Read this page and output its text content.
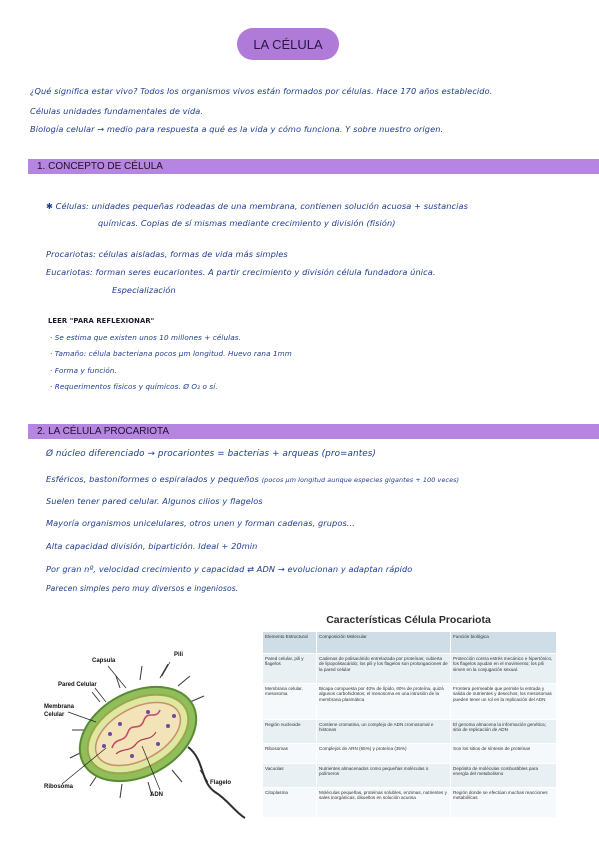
LA CÉLULA
¿Qué significa estar vivo? Todos los organismos vivos están formados por células. Hace 170 años establecido.
Células unidades fundamentales de vida.
Biología celular → medio para respuesta a qué es la vida y cómo funciona. Y sobre nuestro origen.
1. CONCEPTO DE CÉLULA
✱ Células: unidades pequeñas rodeadas de una membrana, contienen solución acuosa + sustancias
químicas. Copias de sí mismas mediante crecimiento y división (fisión)
Procariotas: células aisladas, formas de vida más simples
Eucariotas: forman seres eucariontes. A partir crecimiento y división célula fundadora única.
Especialización
LEER "PARA REFLEXIONAR"
· Se estima que existen unos 10 millones + células.
· Tamaño: célula bacteriana pocos µm longitud. Huevo rana 1mm
· Forma y función.
· Requerimentos físicos y químicos. Ø O₂ o sí.
2. LA CÉLULA PROCARIOTA
Ø núcleo diferenciado → procariontes = bacterias + arqueas (pro=antes)
Esféricos, bastoniformes o espiralados y pequeños (pocos µm longitud aunque especies gigantes + 100 veces)
Suelen tener pared celular. Algunos cilios y flagelos
Mayoría organismos unicelulares, otros unen y forman cadenas, grupos...
Alta capacidad división, bipartición. Ideal + 20min
Por gran nº, velocidad crecimiento y capacidad ⇄ ADN → evolucionan y adaptan rápido
Parecen simples pero muy diversos e ingeniosos.
Pili
Capsula
Pared Celular
Membrana
Celular
Ribosoma
ADN
Flagelo
Características Célula Procariota
Elemento Estructural	Composición Molecular	Función biológica
Pared celular, pili y flagelos	Cadenas de polisacárido entrelazada por proteínas; cubierta de lipopolisacárido; los pili y los flagelos son prolongaciones de la pared celular	Protección contra estrés mecánico e hipertónico, los flagelos ayudan en el movimiento; los pili sirven en la conjugación sexual.
Membrana celular, mesosoma	Bicapa compuesta por 40% de lípido, 60% de proteína, quizá algunos carbohidratos; el mesosoma es una intrusión de la membrana plasmática	Frontera permeable que permite la entrada y salida de nutrientes y desechos; los mesosomas pueden tener un rol en la replicación del ADN
Región nucleoide	Contiene cromatina, un complejo de ADN cromosomal e histonas	El genoma almacena la información genética; sitio de replicación de ADN
Ribosomas	Complejos de ARN (65%) y proteína (35%)	Son los sitios de síntesis de proteínas
Vacuolas	Nutrientes almacenados como pequeñas moléculas o polímeros	Depósito de moléculas combustibles para energía del metabolismo
Citoplasma	Moléculas pequeñas, proteínas solubles, enzimas, nutrientes y sales inorgánicas, disueltos en solución acuosa	Región donde se efectúan muchas reacciones metabólicas
